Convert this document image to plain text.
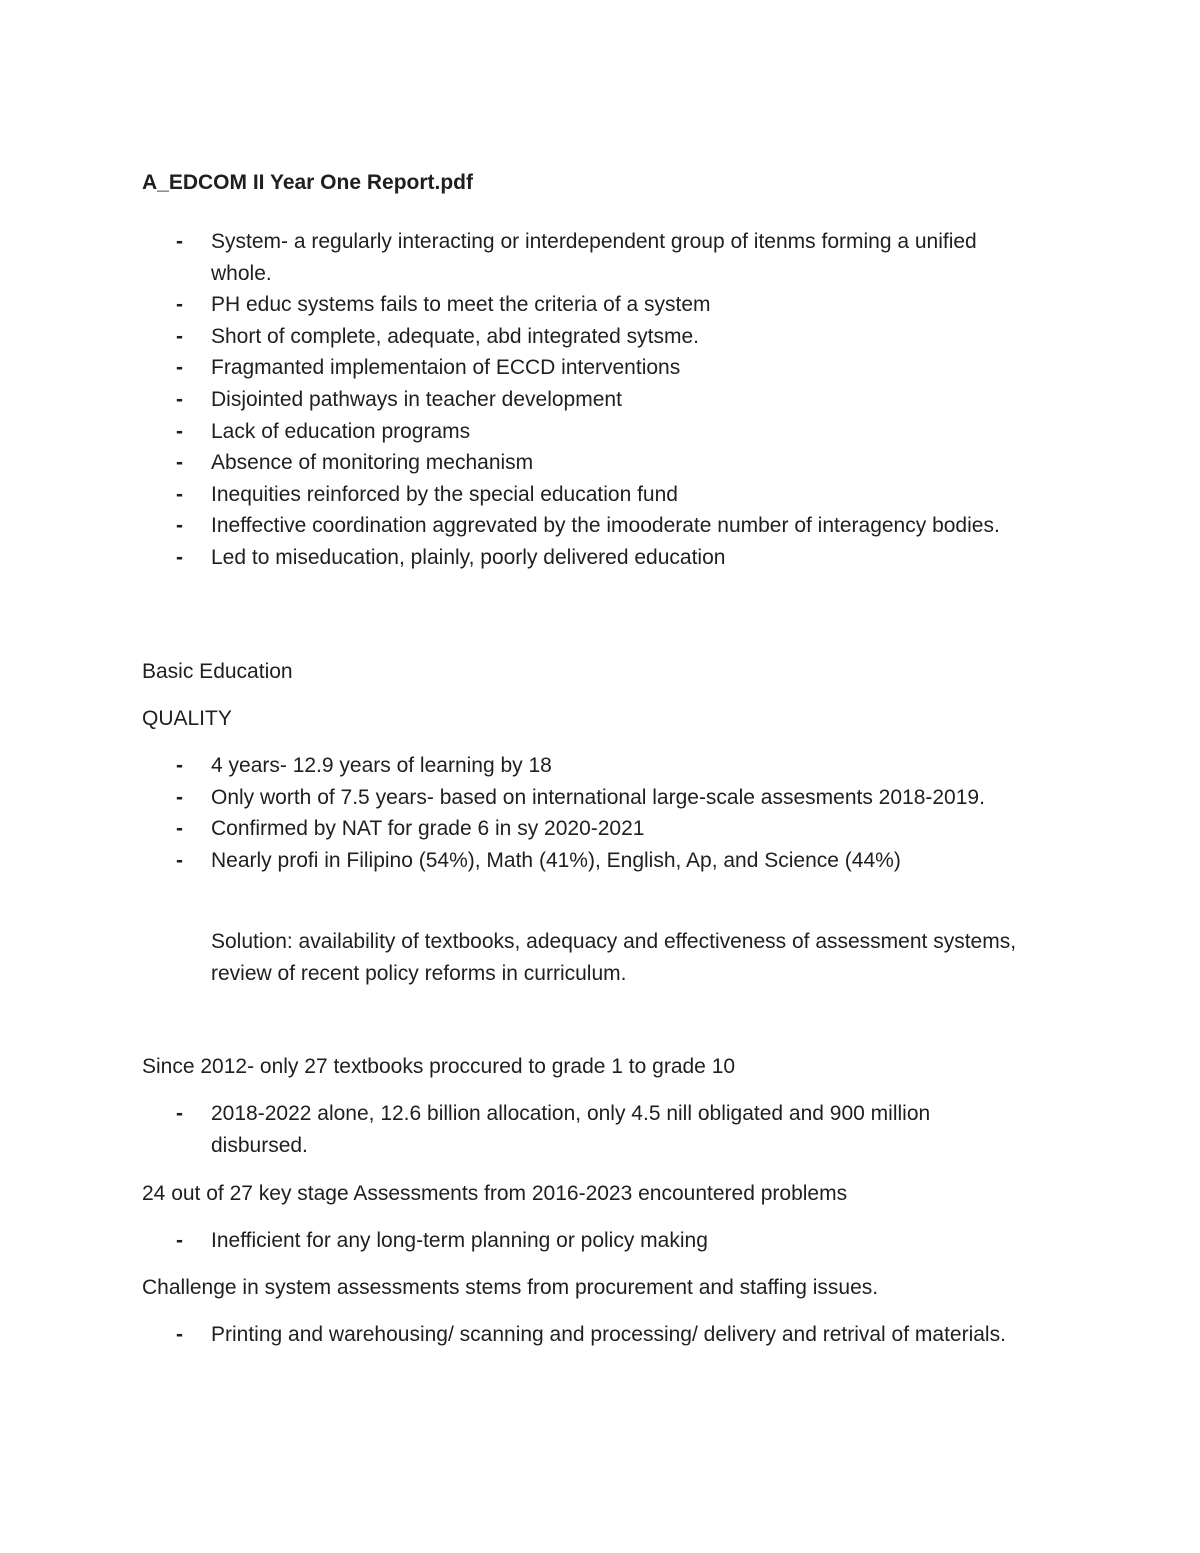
A_EDCOM II Year One Report.pdf
- System- a regularly interacting or interdependent group of itenms forming a unified whole.
- PH educ systems fails to meet the criteria of a system
- Short of complete, adequate, abd integrated sytsme.
- Fragmanted implementaion of ECCD interventions
- Disjointed pathways in teacher development
- Lack of education programs
- Absence of monitoring mechanism
- Inequities reinforced by the special education fund
- Ineffective coordination aggrevated by the imooderate number of interagency bodies.
- Led to miseducation, plainly, poorly delivered education
Basic Education
QUALITY
- 4 years- 12.9 years of learning by 18
- Only worth of 7.5 years- based on international large-scale assesments 2018-2019.
- Confirmed by NAT for grade 6 in sy 2020-2021
- Nearly profi in Filipino (54%), Math (41%), English, Ap, and Science (44%)
Solution: availability of textbooks, adequacy and effectiveness of assessment systems, review of recent policy reforms in curriculum.
Since 2012- only 27 textbooks proccured to grade 1 to grade 10
- 2018-2022 alone, 12.6 billion allocation, only 4.5 nill obligated and 900 million disbursed.
24 out of 27 key stage Assessments from 2016-2023 encountered problems
- Inefficient for any long-term planning or policy making
Challenge in system assessments stems from procurement and staffing issues.
- Printing and warehousing/ scanning and processing/ delivery and retrival of materials.
